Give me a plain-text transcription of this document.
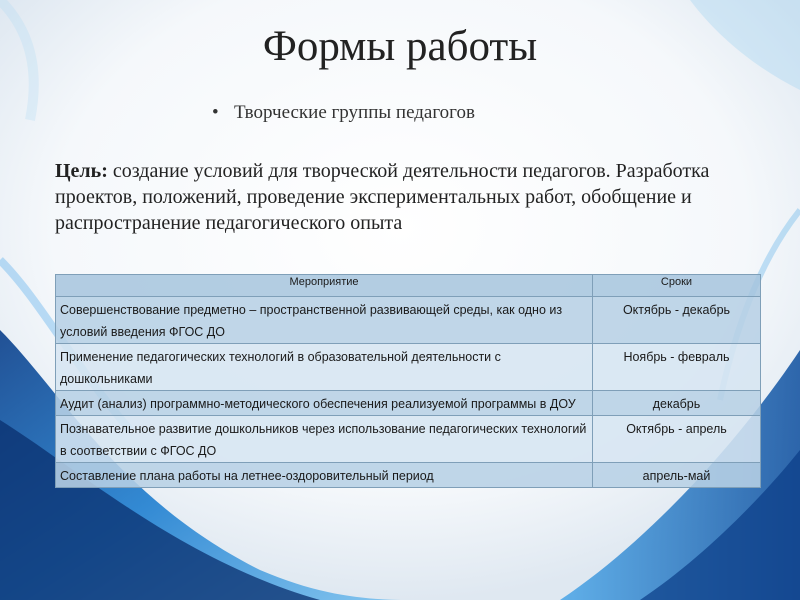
Формы работы
• Творческие группы педагогов
Цель: создание условий для творческой деятельности педагогов. Разработка проектов, положений, проведение экспериментальных работ, обобщение и распространение педагогического опыта
Мероприятие	Сроки
Совершенствование предметно – пространственной развивающей среды, как одно из условий введения ФГОС ДО	Октябрь - декабрь
Применение педагогических технологий в образовательной деятельности с дошкольниками	Ноябрь - февраль
Аудит (анализ) программно-методического обеспечения реализуемой программы в ДОУ	декабрь
Познавательное развитие дошкольников через использование педагогических технологий в соответствии с ФГОС ДО	Октябрь - апрель
Составление плана работы на летнее-оздоровительный период	апрель-май
